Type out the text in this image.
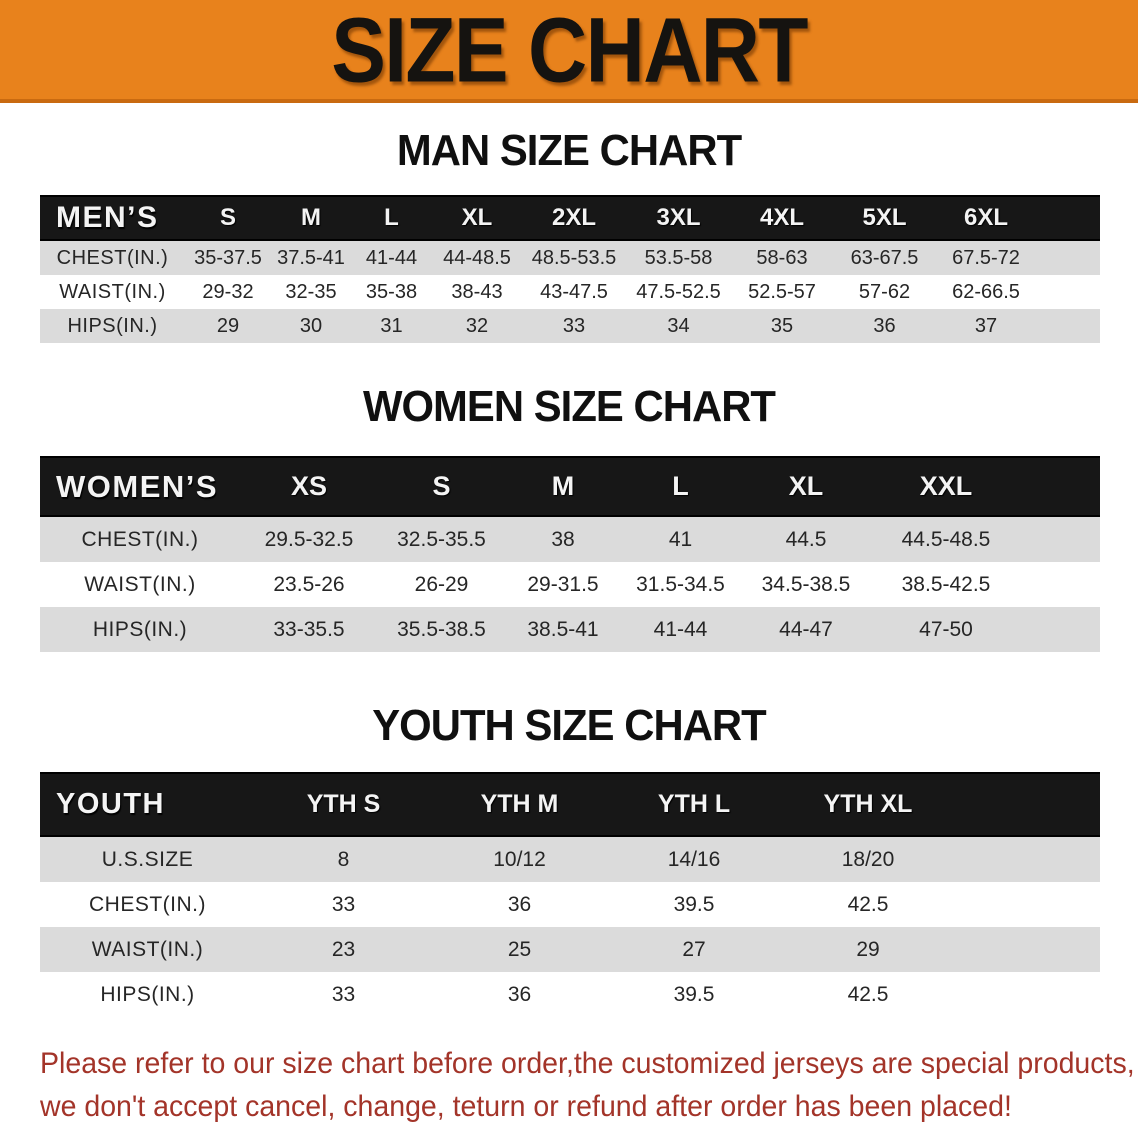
SIZE CHART
MAN SIZE CHART
MEN’S	S	M	L	XL	2XL	3XL	4XL	5XL	6XL
CHEST(IN.)	35-37.5 37.5-41	41-44	44-48.5	48.5-53.5	53.5-58	58-63	63-67.5	67.5-72
WAIST(IN.)	29-32	32-35	35-38	38-43	43-47.5	47.5-52.5	52.5-57	57-62	62-66.5
HIPS(IN.)	29	30	31	32	33	34	35	36	37
WOMEN SIZE CHART
WOMEN’S	XS	S	M	L	XL	XXL
CHEST(IN.)	29.5-32.5	32.5-35.5	38	41	44.5	44.5-48.5
WAIST(IN.)	23.5-26	26-29	29-31.5	31.5-34.5	34.5-38.5	38.5-42.5
HIPS(IN.)	33-35.5	35.5-38.5	38.5-41	41-44	44-47	47-50
YOUTH SIZE CHART
YOUTH	YTH S	YTH M	YTH L	YTH XL
U.S.SIZE	8	10/12	14/16	18/20
CHEST(IN.)	33	36	39.5	42.5
WAIST(IN.)	23	25	27	29
HIPS(IN.)	33	36	39.5	42.5
Please refer to our size chart before order,the customized jerseys are special products,
we don't accept cancel, change, teturn or refund after order has been placed!
